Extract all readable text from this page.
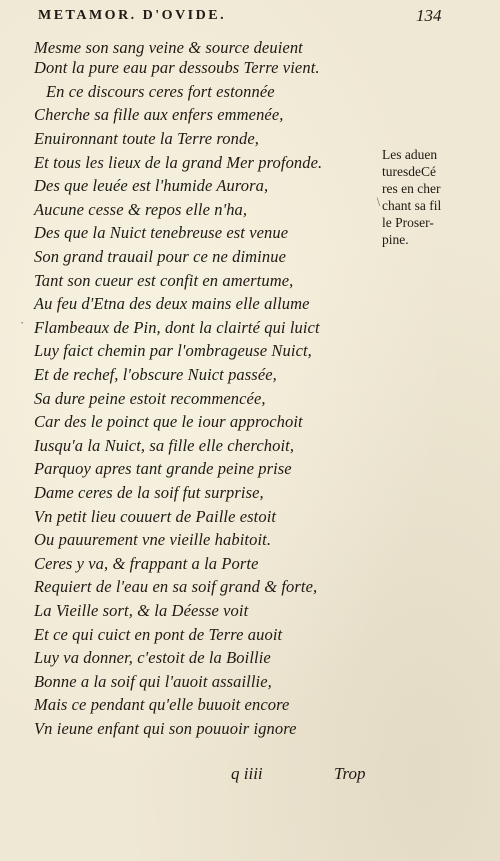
METAMOR. D'OVIDE.	134
Mesme son sang veine & source deuient
Dont la pure eau par dessoubs Terre vient.
En ce discours ceres fort estonnée
Cherche sa fille aux enfers emmenée,
Enuironnant toute la Terre ronde,
Et tous les lieux de la grand Mer profonde.
Des que leuée est l'humide Aurora,
Aucune cesse & repos elle n'ha,
Des que la Nuict tenebreuse est venue
Son grand trauail pour ce ne diminue
Tant son cueur est confit en amertume,
Au feu d'Etna des deux mains elle allume
Flambeaux de Pin, dont la clairté qui luict
Luy faict chemin par l'ombrageuse Nuict,
Et de rechef, l'obscure Nuict passée,
Sa dure peine estoit recommencée,
Car des le poinct que le iour approchoit
Iusqu'a la Nuict, sa fille elle cherchoit,
Parquoy apres tant grande peine prise
Dame ceres de la soif fut surprise,
Vn petit lieu couuert de Paille estoit
Ou pauurement vne vieille habitoit.
Ceres y va, & frappant a la Porte
Requiert de l'eau en sa soif grand & forte,
La Vieille sort, & la Déesse voit
Et ce qui cuict en pont de Terre auoit
Luy va donner, c'estoit de la Boillie
Bonne a la soif qui l'auoit assaillie,
Mais ce pendant qu'elle buuoit encore
Vn ieune enfant qui son pouuoir ignore
Les aduen
turesdeCé
res en cher
chant sa fil
le Proser-
pine.
·
﹨
q iiii	Trop
